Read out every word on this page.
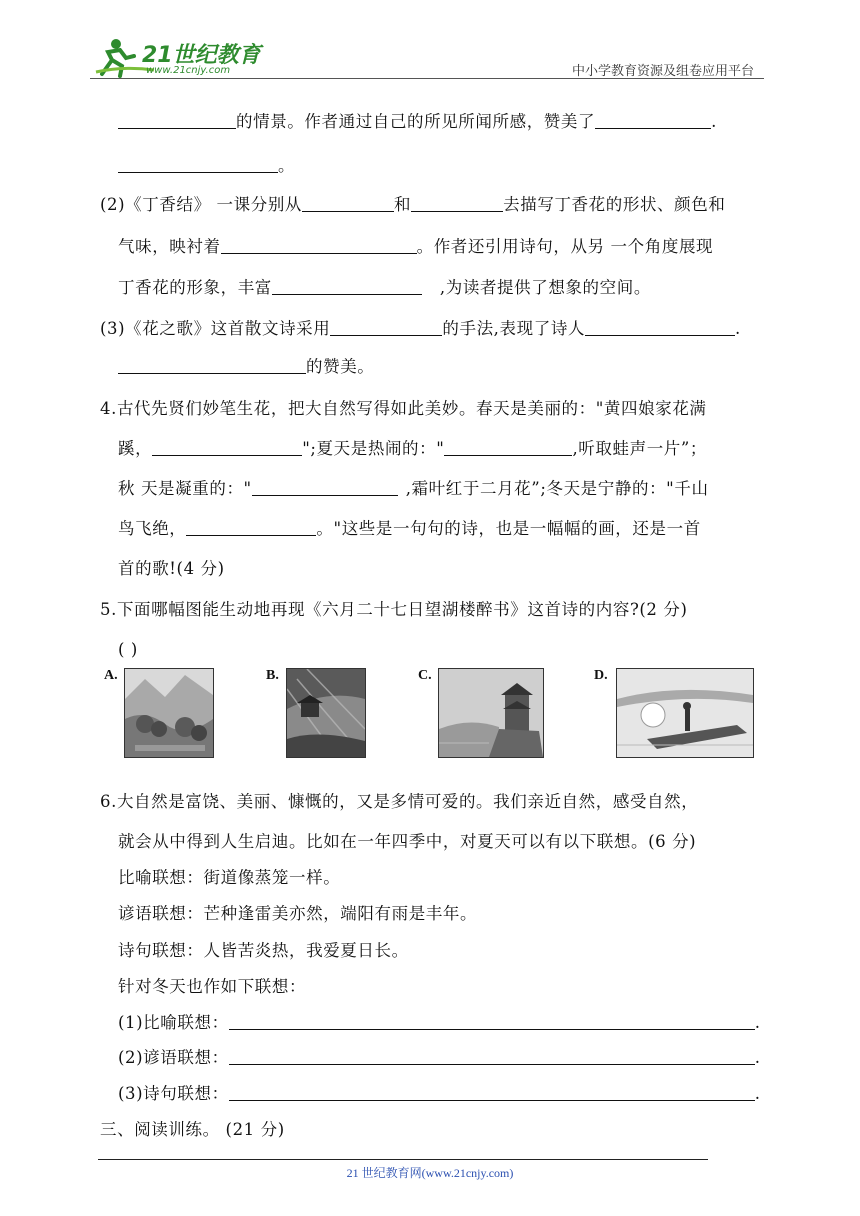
21世纪教育
www.21cnjy.com	中小学教育资源及组卷应用平台
的情景。作者通过自己的所见所闻所感，赞美了	.
。
(2)《丁香结》 一课分别从	和	去描写丁香花的形状、颜色和
气味，映衬着	。作者还引用诗句，从另 一个角度展现
丁香花的形象，丰富	,为读者提供了想象的空间。
(3)《花之歌》这首散文诗采用	的手法,表现了诗人	.
的赞美。
4.古代先贤们妙笔生花，把大自然写得如此美妙。春天是美丽的："黄四娘家花满
蹊，	";夏天是热闹的："	,听取蛙声一片”；
秋 天是凝重的："	,霜叶红于二月花”;冬天是宁静的："千山
鸟飞绝，	。"这些是一句句的诗，也是一幅幅的画，还是一首
首的歌!(4 分)
5.下面哪幅图能生动地再现《六月二十七日望湖楼醉书》这首诗的内容?(2 分)
( )
A.	B.	C.	D.
6.大自然是富饶、美丽、慷慨的，又是多情可爱的。我们亲近自然，感受自然，
就会从中得到人生启迪。比如在一年四季中，对夏天可以有以下联想。(6 分)
比喻联想：街道像蒸笼一样。
谚语联想：芒种逢雷美亦然，端阳有雨是丰年。
诗句联想：人皆苦炎热，我爱夏日长。
针对冬天也作如下联想：
(1)比喻联想：	.
(2)谚语联想：	.
(3)诗句联想：	.
三、阅读训练。 (21 分)
21 世纪教育网(www.21cnjy.com)
